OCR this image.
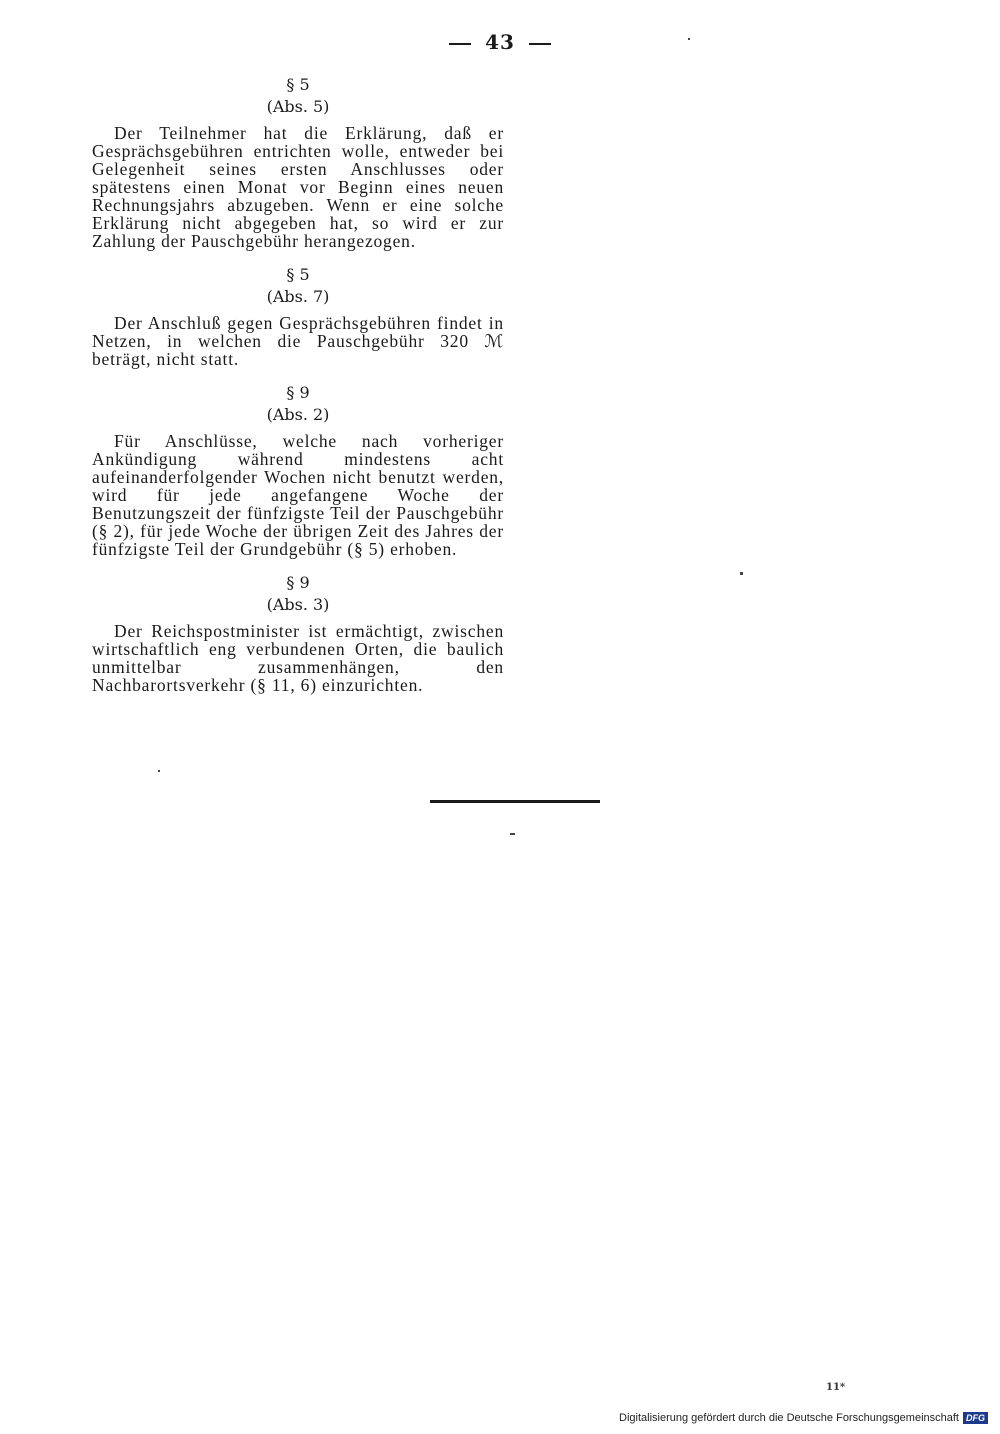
43
§ 5
(Abs. 5)

Der Teilnehmer hat die Erklärung, daß er Gesprächsgebühren entrichten wolle, entweder bei Gelegenheit seines ersten Anschlusses oder spätestens einen Monat vor Beginn eines neuen Rechnungsjahrs abzugeben. Wenn er eine solche Erklärung nicht abgegeben hat, so wird er zur Zahlung der Pauschgebühr herangezogen.

§ 5
(Abs. 7)

Der Anschluß gegen Gesprächsgebühren findet in Netzen, in welchen die Pauschgebühr 320 ℳ beträgt, nicht statt.

§ 9
(Abs. 2)

Für Anschlüsse, welche nach vorheriger Ankündigung während mindestens acht aufeinanderfolgender Wochen nicht benutzt werden, wird für jede angefangene Woche der Benutzungszeit der fünfzigste Teil der Pauschgebühr (§ 2), für jede Woche der übrigen Zeit des Jahres der fünfzigste Teil der Grundgebühr (§ 5) erhoben.

§ 9
(Abs. 3)

Der Reichspostminister ist ermächtigt, zwischen wirtschaftlich eng verbundenen Orten, die baulich unmittelbar zusammenhängen, den Nachbarortsverkehr (§ 11, 6) einzurichten.

11*
Digitalisierung gefördert durch die Deutsche Forschungsgemeinschaft DFG
